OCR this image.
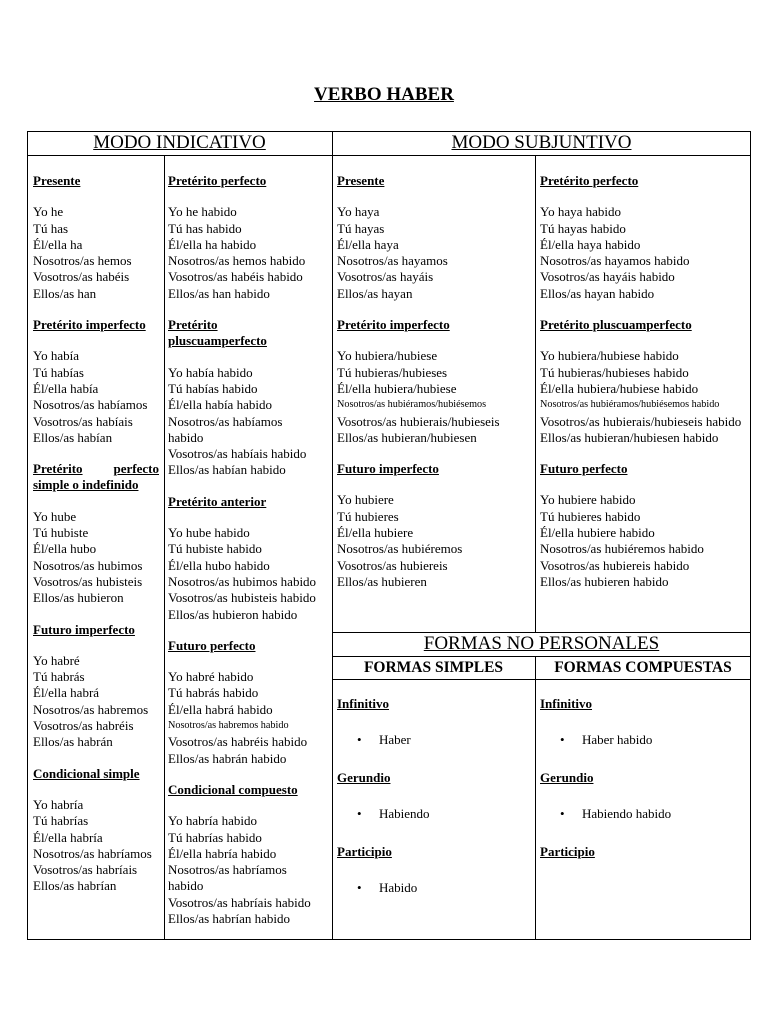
VERBO HABER
MODO INDICATIVO	MODO SUBJUNTIVO
Presente
Yo he
Tú has
Él/ella ha
Nosotros/as hemos
Vosotros/as habéis
Ellos/as han
Pretérito imperfecto
Yo había
Tú habías
Él/ella había
Nosotros/as habíamos
Vosotros/as habíais
Ellos/as habían
Pretérito perfecto
simple o indefinido
Yo hube
Tú hubiste
Él/ella hubo
Nosotros/as hubimos
Vosotros/as hubisteis
Ellos/as hubieron
Futuro imperfecto
Yo habré
Tú habrás
Él/ella habrá
Nosotros/as habremos
Vosotros/as habréis
Ellos/as habrán
Condicional simple
Yo habría
Tú habrías
Él/ella habría
Nosotros/as habríamos
Vosotros/as habríais
Ellos/as habrían
Pretérito perfecto
Yo he habido
Tú has habido
Él/ella ha habido
Nosotros/as hemos habido
Vosotros/as habéis habido
Ellos/as han habido
Pretérito
pluscuamperfecto
Yo había habido
Tú habías habido
Él/ella había habido
Nosotros/as habíamos
habido
Vosotros/as habíais habido
Ellos/as habían habido
Pretérito anterior
Yo hube habido
Tú hubiste habido
Él/ella hubo habido
Nosotros/as hubimos habido
Vosotros/as hubisteis habido
Ellos/as hubieron habido
Futuro perfecto
Yo habré habido
Tú habrás habido
Él/ella habrá habido
Nosotros/as habremos habido
Vosotros/as habréis habido
Ellos/as habrán habido
Condicional compuesto
Yo habría habido
Tú habrías habido
Él/ella habría habido
Nosotros/as habríamos
habido
Vosotros/as habríais habido
Ellos/as habrían habido
Presente
Yo haya
Tú hayas
Él/ella haya
Nosotros/as hayamos
Vosotros/as hayáis
Ellos/as hayan
Pretérito imperfecto
Yo hubiera/hubiese
Tú hubieras/hubieses
Él/ella hubiera/hubiese
Nosotros/as hubiéramos/hubiésemos
Vosotros/as hubierais/hubieseis
Ellos/as hubieran/hubiesen
Futuro imperfecto
Yo hubiere
Tú hubieres
Él/ella hubiere
Nosotros/as hubiéremos
Vosotros/as hubiereis
Ellos/as hubieren
Pretérito perfecto
Yo haya habido
Tú hayas habido
Él/ella haya habido
Nosotros/as hayamos habido
Vosotros/as hayáis habido
Ellos/as hayan habido
Pretérito pluscuamperfecto
Yo hubiera/hubiese habido
Tú hubieras/hubieses habido
Él/ella hubiera/hubiese habido
Nosotros/as hubiéramos/hubiésemos habido
Vosotros/as hubierais/hubieseis habido
Ellos/as hubieran/hubiesen habido
Futuro perfecto
Yo hubiere habido
Tú hubieres habido
Él/ella hubiere habido
Nosotros/as hubiéremos habido
Vosotros/as hubiereis habido
Ellos/as hubieren habido
FORMAS NO PERSONALES
FORMAS SIMPLES	FORMAS COMPUESTAS
Infinitivo
• Haber
Gerundio
• Habiendo
Participio
• Habido
Infinitivo
• Haber habido
Gerundio
• Habiendo habido
Participio
